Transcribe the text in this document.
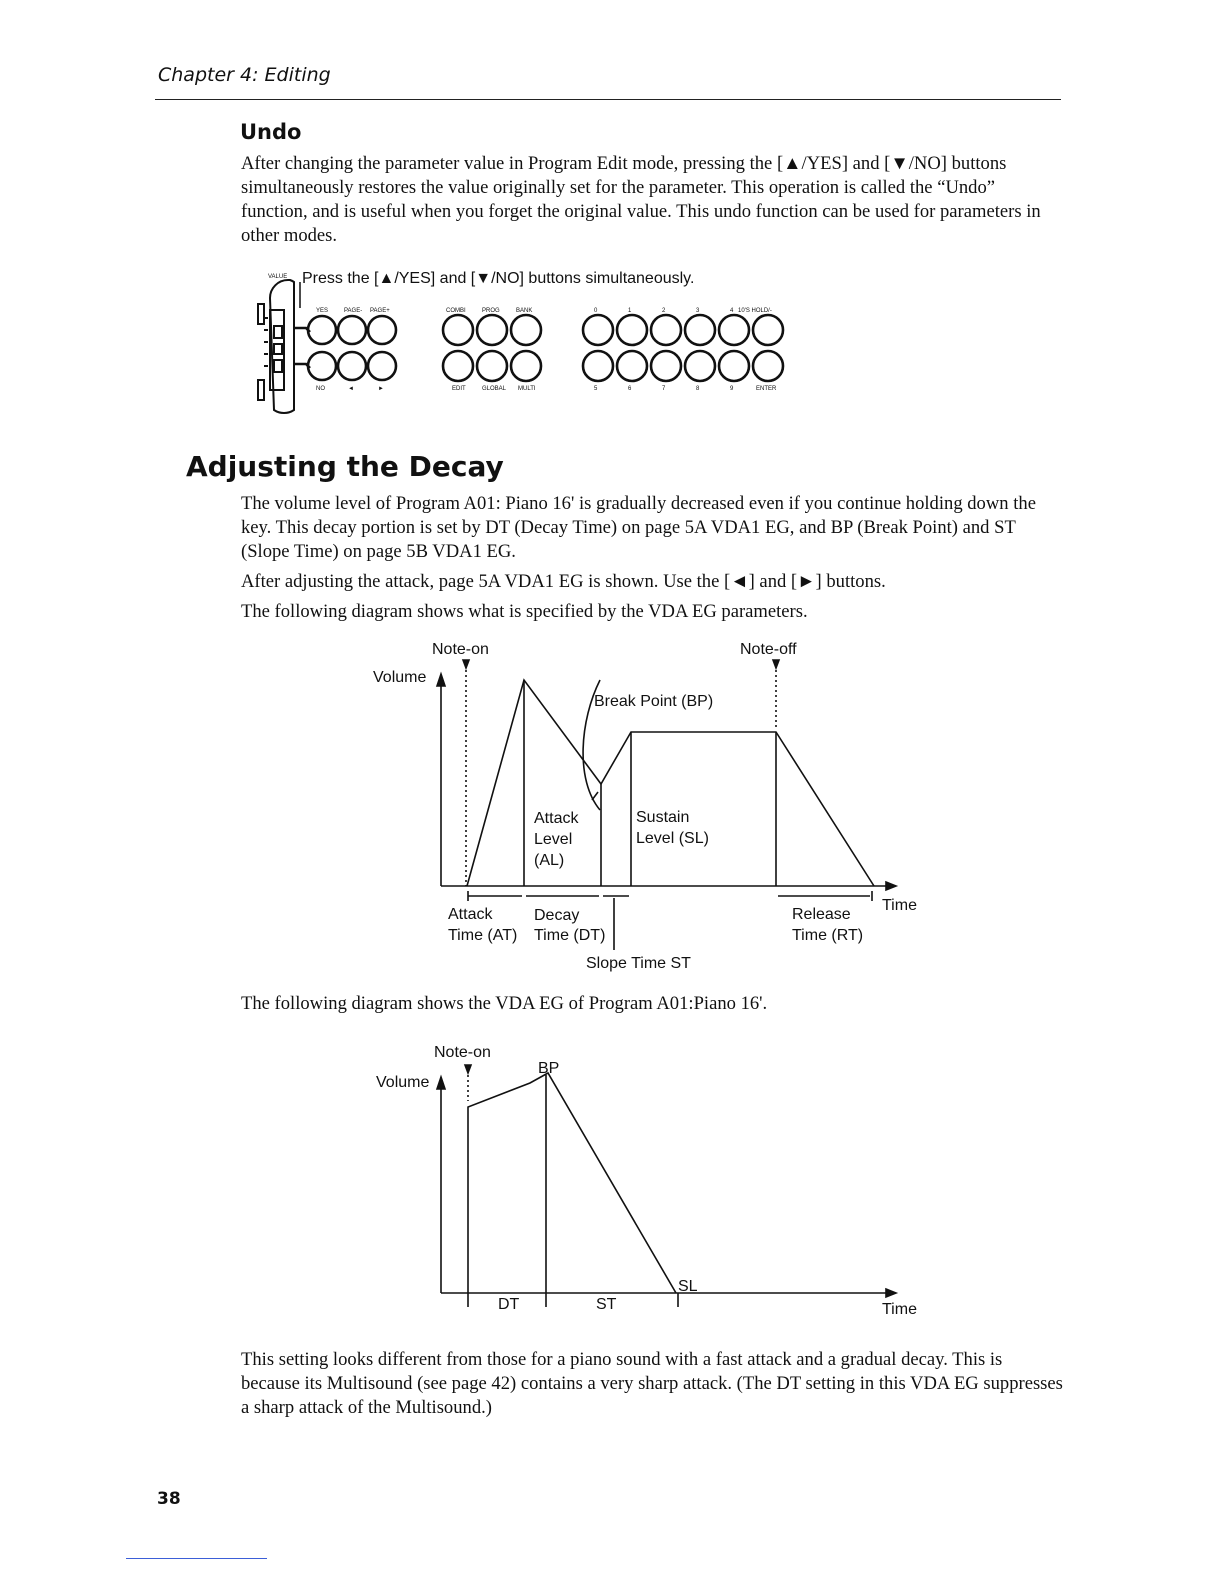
Chapter 4: Editing
Undo

After changing the parameter value in Program Edit mode, pressing the [▲/YES] and [▼/NO] buttons simultaneously restores the value originally set for the parameter. This operation is called the “Undo” function, and is useful when you forget the original value. This undo function can be used for parameters in other modes.

VALUE
YES	PAGE- PAGE+	COMBI	PROG	BANK	0	1	2	3	4 10'S HOLD/-
NO	◄	►	EDIT	GLOBAL MULTI	5	6	7	8	9	ENTER
Press the [▲/YES] and [▼/NO] buttons simultaneously.
Adjusting the Decay

The volume level of Program A01: Piano 16' is gradually decreased even if you continue holding down the key. This decay portion is set by DT (Decay Time) on page 5A VDA1 EG, and BP (Break Point) and ST (Slope Time) on page 5B VDA1 EG.

After adjusting the attack, page 5A VDA1 EG is shown. Use the [◄] and [►] buttons.

The following diagram shows what is specified by the VDA EG parameters.

Note-on	Note-off
Volume
Break Point (BP)
Attack
Level
(AL)
Sustain
Level (SL)
Attack
Time (AT)
Decay
Time (DT)
Slope Time ST
Release
Time (RT)
Time

The following diagram shows the VDA EG of Program A01:Piano 16'.

Note-on
Volume
BP
SL
DT	ST	Time

This setting looks different from those for a piano sound with a fast attack and a gradual decay. This is because its Multisound (see page 42) contains a very sharp attack. (The DT setting in this VDA EG suppresses a sharp attack of the Multisound.)

38
